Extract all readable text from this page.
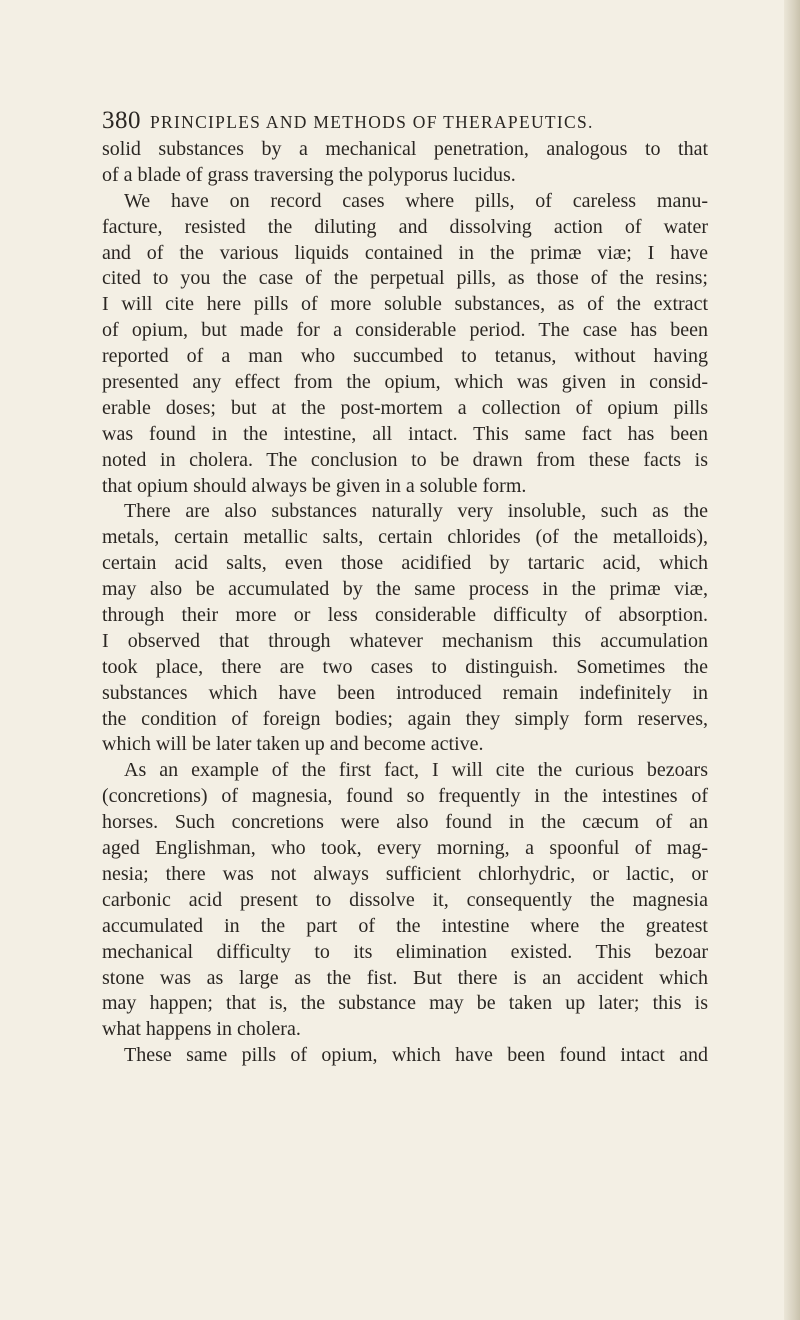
380 PRINCIPLES AND METHODS OF THERAPEUTICS.
solid substances by a mechanical penetration, analogous to that
of a blade of grass traversing the polyporus lucidus.
We have on record cases where pills, of careless manu-
facture, resisted the diluting and dissolving action of water
and of the various liquids contained in the primæ viæ; I have
cited to you the case of the perpetual pills, as those of the resins;
I will cite here pills of more soluble substances, as of the extract
of opium, but made for a considerable period. The case has been
reported of a man who succumbed to tetanus, without having
presented any effect from the opium, which was given in consid-
erable doses; but at the post-mortem a collection of opium pills
was found in the intestine, all intact. This same fact has been
noted in cholera. The conclusion to be drawn from these facts is
that opium should always be given in a soluble form.
There are also substances naturally very insoluble, such as the
metals, certain metallic salts, certain chlorides (of the metalloids),
certain acid salts, even those acidified by tartaric acid, which
may also be accumulated by the same process in the primæ viæ,
through their more or less considerable difficulty of absorption.
I observed that through whatever mechanism this accumulation
took place, there are two cases to distinguish. Sometimes the
substances which have been introduced remain indefinitely in
the condition of foreign bodies; again they simply form reserves,
which will be later taken up and become active.
As an example of the first fact, I will cite the curious bezoars
(concretions) of magnesia, found so frequently in the intestines of
horses. Such concretions were also found in the cæcum of an
aged Englishman, who took, every morning, a spoonful of mag-
nesia; there was not always sufficient chlorhydric, or lactic, or
carbonic acid present to dissolve it, consequently the magnesia
accumulated in the part of the intestine where the greatest
mechanical difficulty to its elimination existed. This bezoar
stone was as large as the fist. But there is an accident which
may happen; that is, the substance may be taken up later; this is
what happens in cholera.
These same pills of opium, which have been found intact and
